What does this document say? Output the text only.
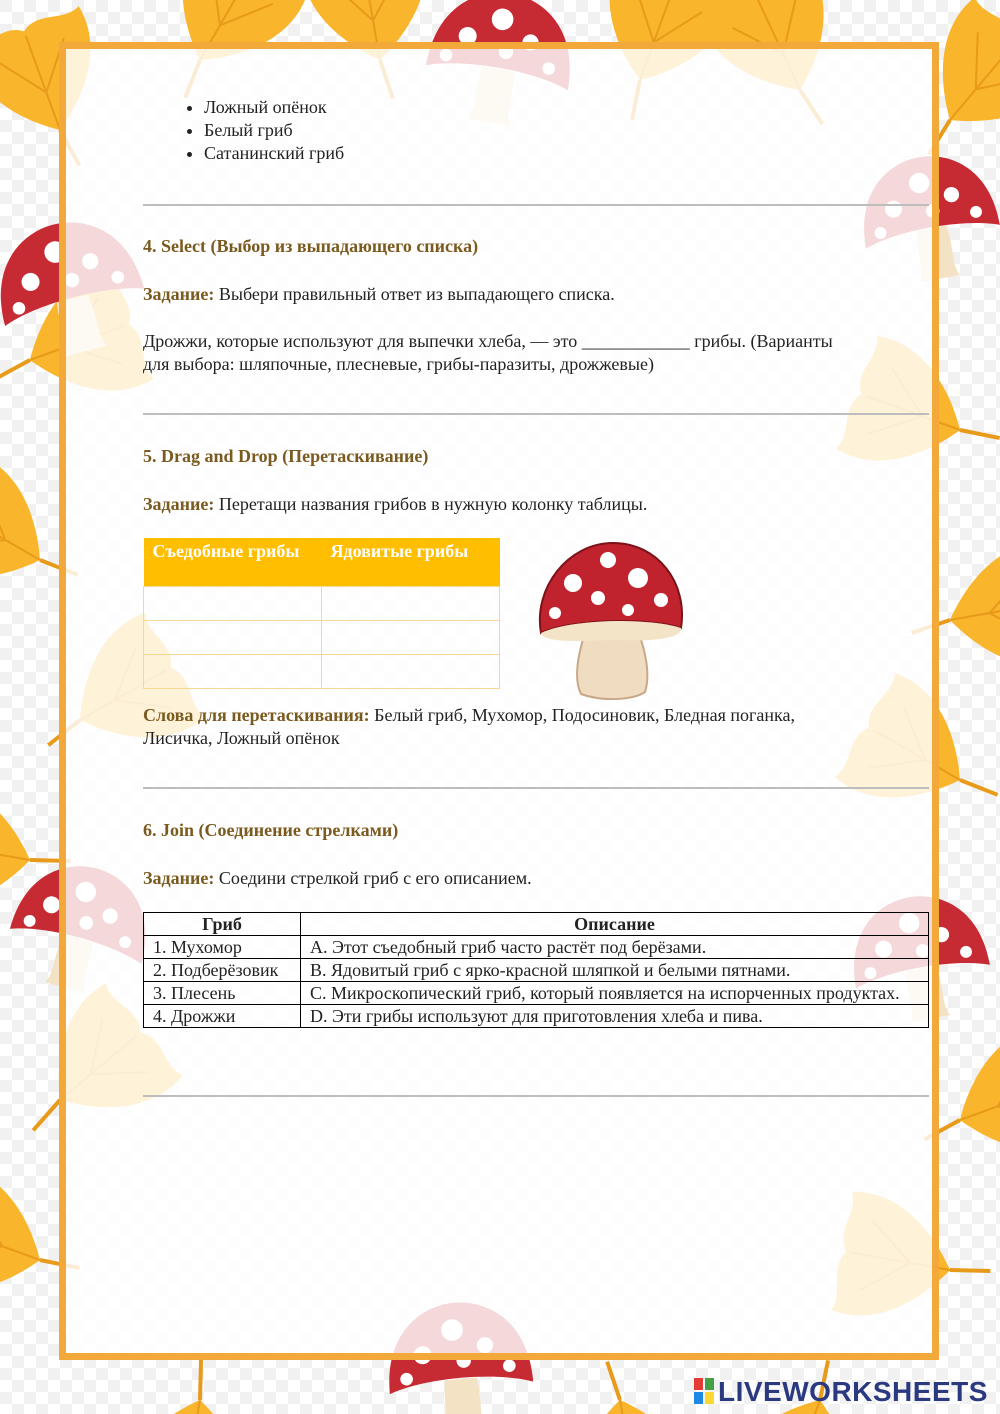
• Ложный опёнок
• Белый гриб
• Сатанинский гриб
4. Select (Выбор из выпадающего списка)
Задание: Выбери правильный ответ из выпадающего списка.
Дрожжи, которые используют для выпечки хлеба, — это ____________ грибы. (Варианты
для выбора: шляпочные, плесневые, грибы-паразиты, дрожжевые)
5. Drag and Drop (Перетаскивание)
Задание: Перетащи названия грибов в нужную колонку таблицы.
Съедобные грибы	Ядовитые грибы

Слова для перетаскивания: Белый гриб, Мухомор, Подосиновик, Бледная поганка,
Лисичка, Ложный опёнок
6. Join (Соединение стрелками)
Задание: Соедини стрелкой гриб с его описанием.
Гриб	Описание
1. Мухомор	A. Этот съедобный гриб часто растёт под берёзами.
2. Подберёзовик	B. Ядовитый гриб с ярко-красной шляпкой и белыми пятнами.
3. Плесень	C. Микроскопический гриб, который появляется на испорченных продуктах.
4. Дрожжи	D. Эти грибы используют для приготовления хлеба и пива.
LIVEWORKSHEETS
